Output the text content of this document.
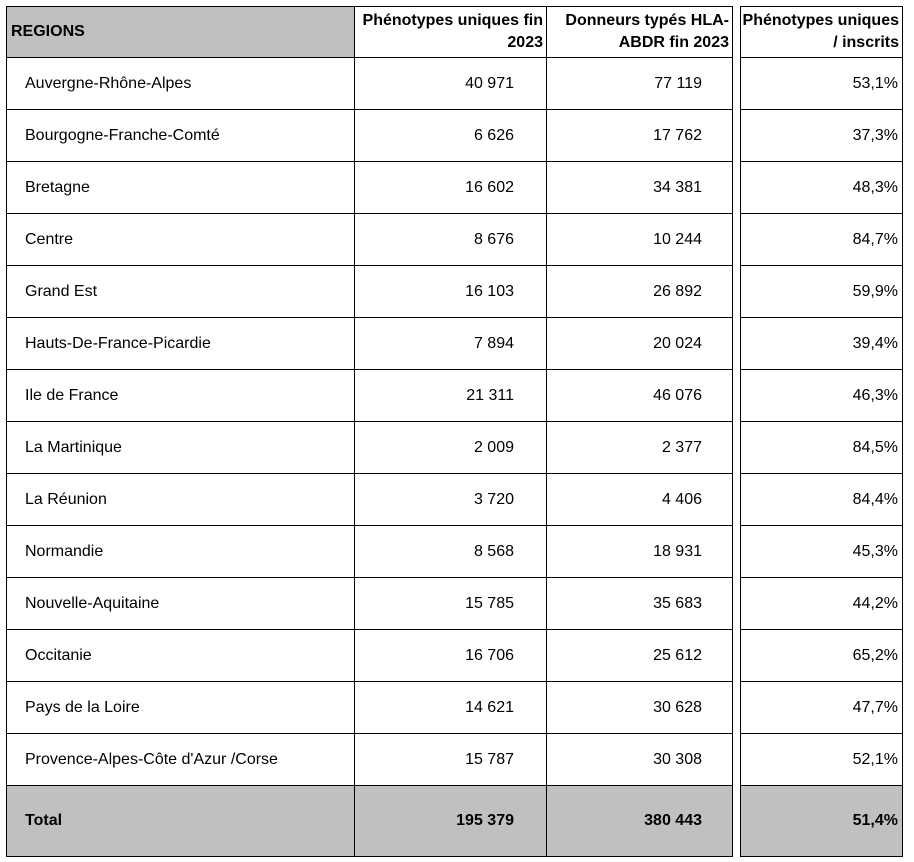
REGIONS	Phénotypes uniques fin 2023	Donneurs typés HLA- ABDR fin 2023		Phénotypes uniques / inscrits
Auvergne-Rhône-Alpes	40 971	77 119		53,1%
Bourgogne-Franche-Comté	6 626	17 762		37,3%
Bretagne	16 602	34 381		48,3%
Centre	8 676	10 244		84,7%
Grand Est	16 103	26 892		59,9%
Hauts-De-France-Picardie	7 894	20 024		39,4%
Ile de France	21 311	46 076		46,3%
La Martinique	2 009	2 377		84,5%
La Réunion	3 720	4 406		84,4%
Normandie	8 568	18 931		45,3%
Nouvelle-Aquitaine	15 785	35 683		44,2%
Occitanie	16 706	25 612		65,2%
Pays de la Loire	14 621	30 628		47,7%
Provence-Alpes-Côte d'Azur /Corse	15 787	30 308		52,1%
Total	195 379	380 443		51,4%
